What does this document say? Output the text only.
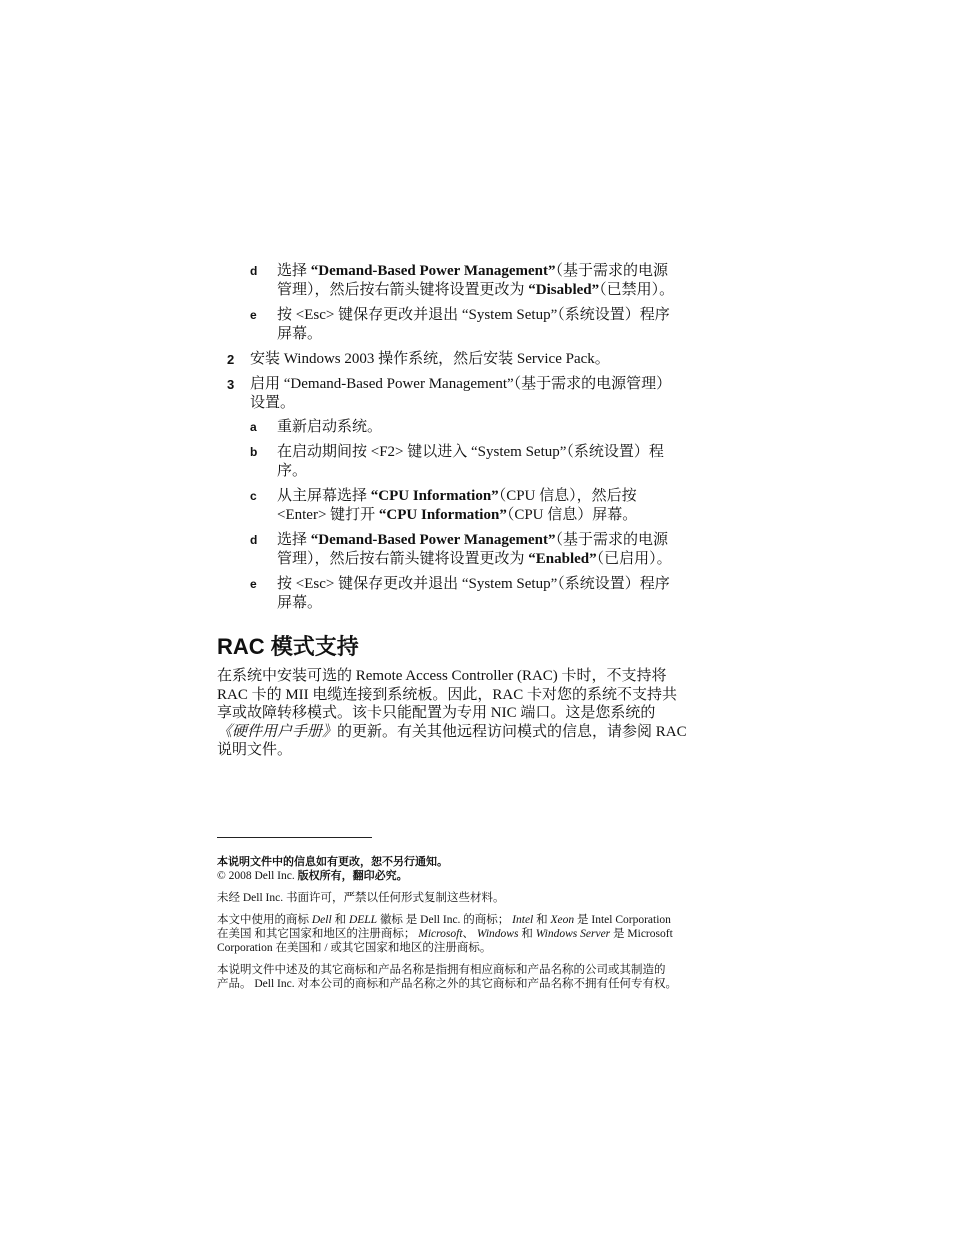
d 选择 “Demand-Based Power Management”（基于需求的电源
管理），然后按右箭头键将设置更改为 “Disabled”（已禁用）。
e 按 <Esc> 键保存更改并退出 “System Setup”（系统设置）程序
屏幕。
2 安装 Windows 2003 操作系统，然后安装 Service Pack。
3 启用 “Demand-Based Power Management”（基于需求的电源管理）
设置。
a 重新启动系统。
b 在启动期间按 <F2> 键以进入 “System Setup”（系统设置）程
序。
c 从主屏幕选择 “CPU Information”（CPU 信息），然后按
<Enter> 键打开 “CPU Information”（CPU 信息）屏幕。
d 选择 “Demand-Based Power Management”（基于需求的电源
管理），然后按右箭头键将设置更改为 “Enabled”（已启用）。
e 按 <Esc> 键保存更改并退出 “System Setup”（系统设置）程序
屏幕。
RAC 模式支持
在系统中安装可选的 Remote Access Controller (RAC) 卡时，不支持将
RAC 卡的 MII 电缆连接到系统板。因此，RAC 卡对您的系统不支持共
享或故障转移模式。该卡只能配置为专用 NIC 端口。这是您系统的
《硬件用户手册》的更新。有关其他远程访问模式的信息，请参阅 RAC
说明文件。
本说明文件中的信息如有更改，恕不另行通知。
© 2008 Dell Inc. 版权所有，翻印必究。
未经 Dell Inc. 书面许可，严禁以任何形式复制这些材料。
本文中使用的商标 Dell 和 DELL 徽标 是 Dell Inc. 的商标； Intel 和 Xeon 是 Intel Corporation
在美国 和其它国家和地区的注册商标； Microsoft、 Windows 和 Windows Server 是 Microsoft
Corporation 在美国和 / 或其它国家和地区的注册商标。
本说明文件中述及的其它商标和产品名称是指拥有相应商标和产品名称的公司或其制造的
产品。 Dell Inc. 对本公司的商标和产品名称之外的其它商标和产品名称不拥有任何专有权。
